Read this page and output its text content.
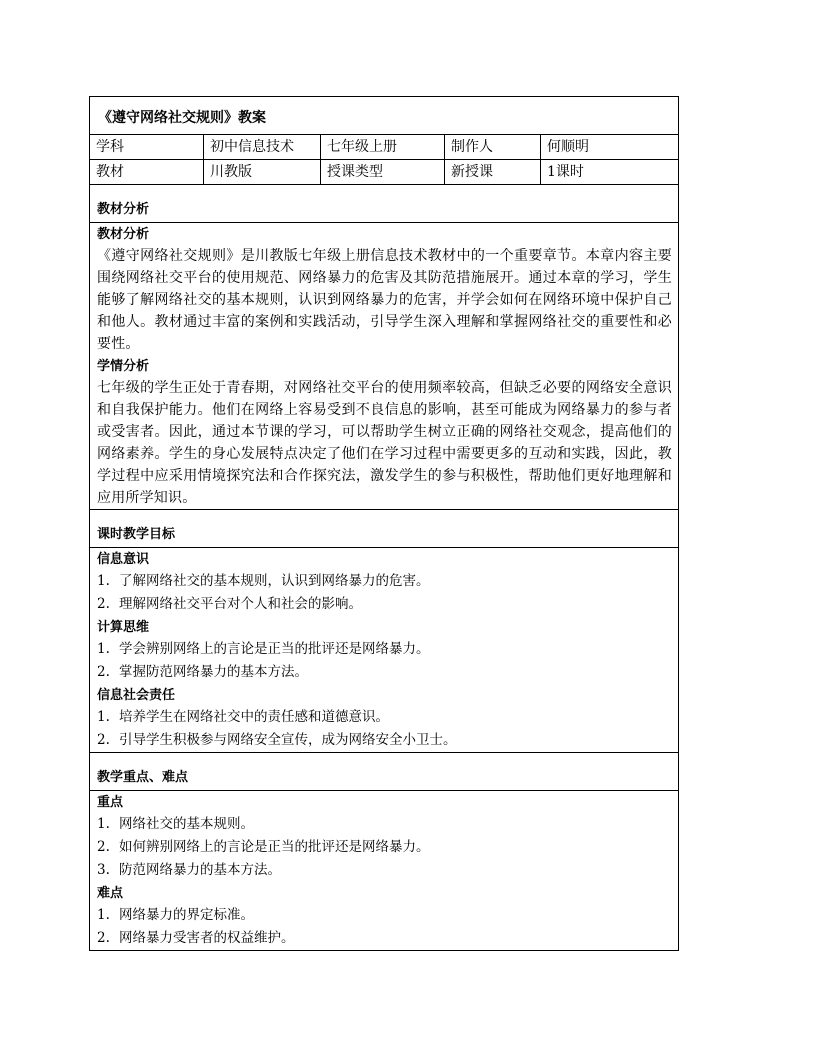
《遵守网络社交规则》教案
学科	初中信息技术	七年级上册	制作人	何顺明
教材	川教版	授课类型	新授课	1课时
教材分析
教材分析
《遵守网络社交规则》是川教版七年级上册信息技术教材中的一个重要章节。本章内容主要围绕网络社交平台的使用规范、网络暴力的危害及其防范措施展开。通过本章的学习，学生能够了解网络社交的基本规则，认识到网络暴力的危害，并学会如何在网络环境中保护自己和他人。教材通过丰富的案例和实践活动，引导学生深入理解和掌握网络社交的重要性和必要性。
学情分析
七年级的学生正处于青春期，对网络社交平台的使用频率较高，但缺乏必要的网络安全意识和自我保护能力。他们在网络上容易受到不良信息的影响，甚至可能成为网络暴力的参与者或受害者。因此，通过本节课的学习，可以帮助学生树立正确的网络社交观念，提高他们的网络素养。学生的身心发展特点决定了他们在学习过程中需要更多的互动和实践，因此，教学过程中应采用情境探究法和合作探究法，激发学生的参与积极性，帮助他们更好地理解和应用所学知识。
课时教学目标
信息意识
1. 了解网络社交的基本规则，认识到网络暴力的危害。
2. 理解网络社交平台对个人和社会的影响。
计算思维
1. 学会辨别网络上的言论是正当的批评还是网络暴力。
2. 掌握防范网络暴力的基本方法。
信息社会责任
1. 培养学生在网络社交中的责任感和道德意识。
2. 引导学生积极参与网络安全宣传，成为网络安全小卫士。
教学重点、难点
重点
1. 网络社交的基本规则。
2. 如何辨别网络上的言论是正当的批评还是网络暴力。
3. 防范网络暴力的基本方法。
难点
1. 网络暴力的界定标准。
2. 网络暴力受害者的权益维护。
